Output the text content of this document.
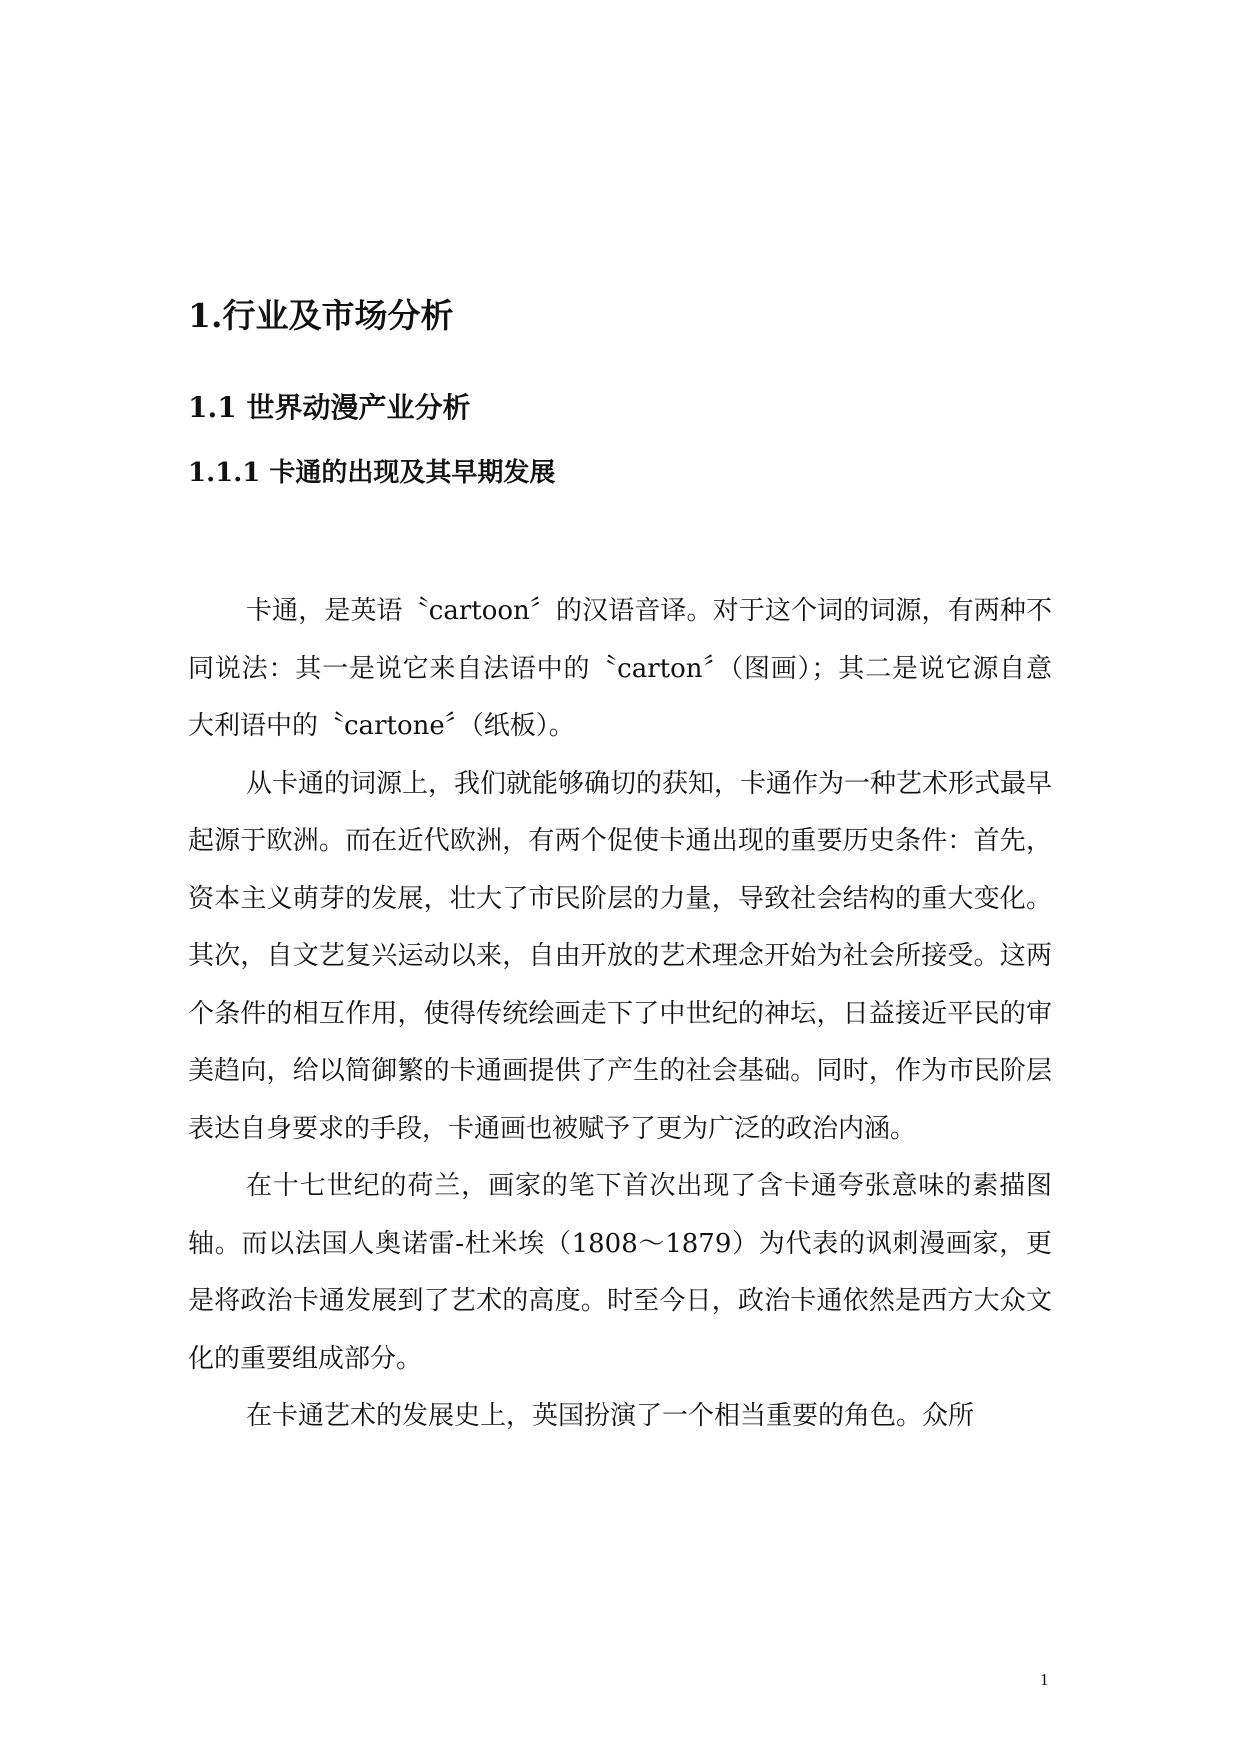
1.行业及市场分析
1.1 世界动漫产业分析
1.1.1 卡通的出现及其早期发展

卡通，是英语〝cartoon〞的汉语音译。对于这个词的词源，有两种不同说法：其一是说它来自法语中的〝carton〞（图画）；其二是说它源自意大利语中的〝cartone〞（纸板）。

从卡通的词源上，我们就能够确切的获知，卡通作为一种艺术形式最早起源于欧洲。而在近代欧洲，有两个促使卡通出现的重要历史条件：首先，资本主义萌芽的发展，壮大了市民阶层的力量，导致社会结构的重大变化。其次，自文艺复兴运动以来，自由开放的艺术理念开始为社会所接受。这两个条件的相互作用，使得传统绘画走下了中世纪的神坛，日益接近平民的审美趋向，给以简御繁的卡通画提供了产生的社会基础。同时，作为市民阶层表达自身要求的手段，卡通画也被赋予了更为广泛的政治内涵。

在十七世纪的荷兰，画家的笔下首次出现了含卡通夸张意味的素描图轴。而以法国人奥诺雷-杜米埃（1808～1879）为代表的讽刺漫画家，更是将政治卡通发展到了艺术的高度。时至今日，政治卡通依然是西方大众文化的重要组成部分。

在卡通艺术的发展史上，英国扮演了一个相当重要的角色。众所

1
